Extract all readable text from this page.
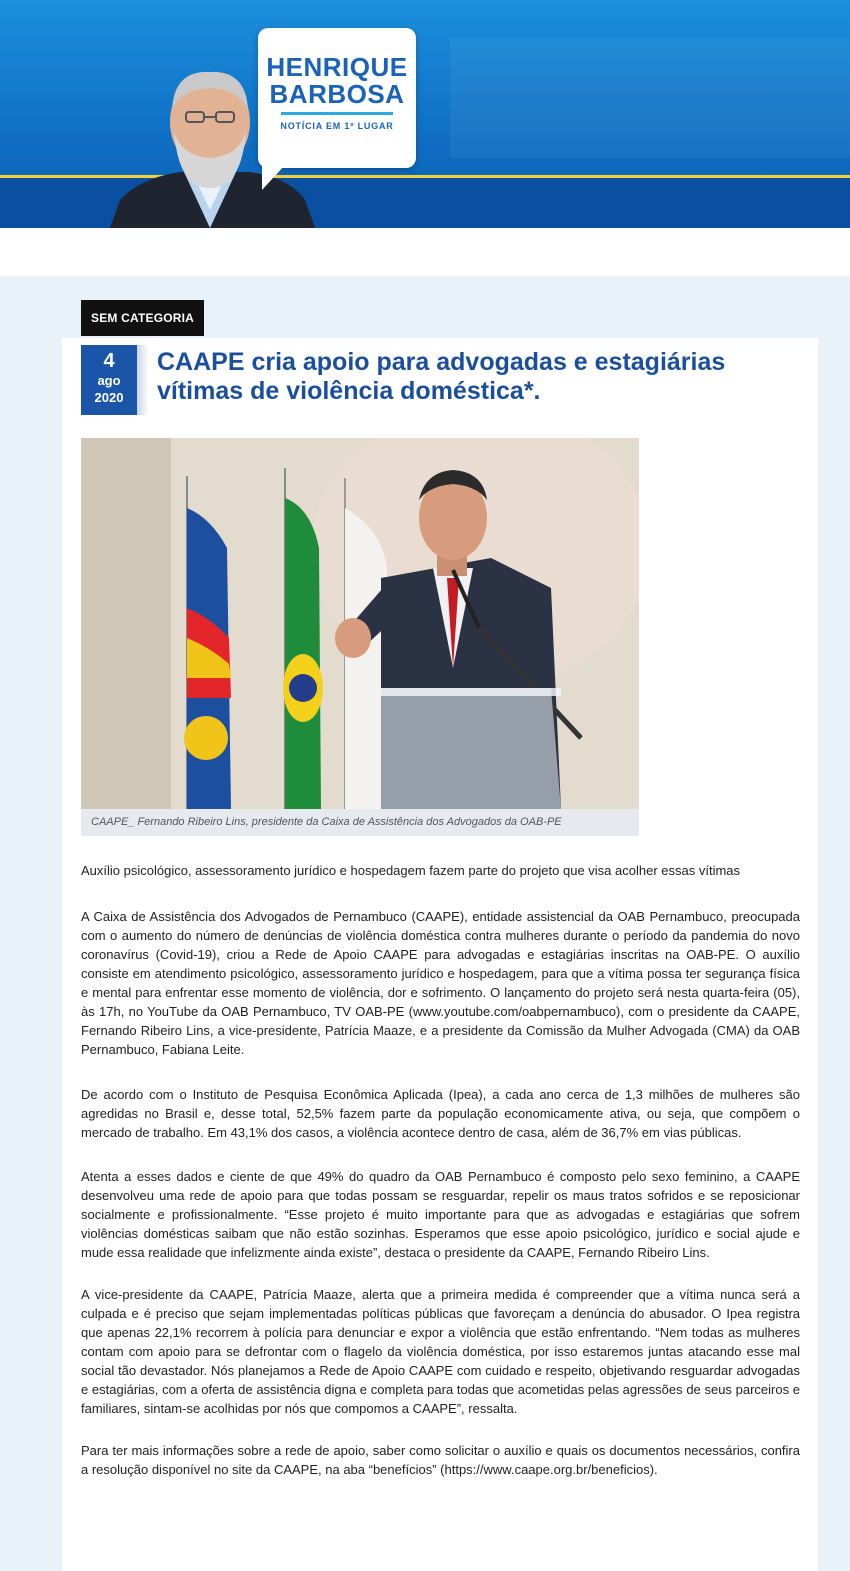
HENRIQUE
BARBOSA
NOTÍCIA EM 1º LUGAR
SEM CATEGORIA
4
ago
2020
CAAPE cria apoio para advogadas e estagiárias vítimas de violência doméstica*.
CAAPE_ Fernando Ribeiro Lins, presidente da Caixa de Assistência dos Advogados da OAB-PE

Auxílio psicológico, assessoramento jurídico e hospedagem fazem parte do projeto que visa acolher essas vítimas

A Caixa de Assistência dos Advogados de Pernambuco (CAAPE), entidade assistencial da OAB Pernambuco, preocupada com o aumento do número de denúncias de violência doméstica contra mulheres durante o período da pandemia do novo coronavírus (Covid-19), criou a Rede de Apoio CAAPE para advogadas e estagiárias inscritas na OAB-PE. O auxílio consiste em atendimento psicológico, assessoramento jurídico e hospedagem, para que a vítima possa ter segurança física e mental para enfrentar esse momento de violência, dor e sofrimento. O lançamento do projeto será nesta quarta-feira (05), às 17h, no YouTube da OAB Pernambuco, TV OAB-PE (www.youtube.com/oabpernambuco), com o presidente da CAAPE, Fernando Ribeiro Lins, a vice-presidente, Patrícia Maaze, e a presidente da Comissão da Mulher Advogada (CMA) da OAB Pernambuco, Fabiana Leite.

De acordo com o Instituto de Pesquisa Econômica Aplicada (Ipea), a cada ano cerca de 1,3 milhões de mulheres são agredidas no Brasil e, desse total, 52,5% fazem parte da população economicamente ativa, ou seja, que compõem o mercado de trabalho. Em 43,1% dos casos, a violência acontece dentro de casa, além de 36,7% em vias públicas.

Atenta a esses dados e ciente de que 49% do quadro da OAB Pernambuco é composto pelo sexo feminino, a CAAPE desenvolveu uma rede de apoio para que todas possam se resguardar, repelir os maus tratos sofridos e se reposicionar socialmente e profissionalmente. “Esse projeto é muito importante para que as advogadas e estagiárias que sofrem violências domésticas saibam que não estão sozinhas. Esperamos que esse apoio psicológico, jurídico e social ajude e mude essa realidade que infelizmente ainda existe”, destaca o presidente da CAAPE, Fernando Ribeiro Lins.

A vice-presidente da CAAPE, Patrícia Maaze, alerta que a primeira medida é compreender que a vítima nunca será a culpada e é preciso que sejam implementadas políticas públicas que favoreçam a denúncia do abusador. O Ipea registra que apenas 22,1% recorrem à polícia para denunciar e expor a violência que estão enfrentando. “Nem todas as mulheres contam com apoio para se defrontar com o flagelo da violência doméstica, por isso estaremos juntas atacando esse mal social tão devastador. Nós planejamos a Rede de Apoio CAAPE com cuidado e respeito, objetivando resguardar advogadas e estagiárias, com a oferta de assistência digna e completa para todas que acometidas pelas agressões de seus parceiros e familiares, sintam-se acolhidas por nós que compomos a CAAPE”, ressalta.

Para ter mais informações sobre a rede de apoio, saber como solicitar o auxílio e quais os documentos necessários, confira a resolução disponível no site da CAAPE, na aba “benefícios” (https://www.caape.org.br/beneficios).
